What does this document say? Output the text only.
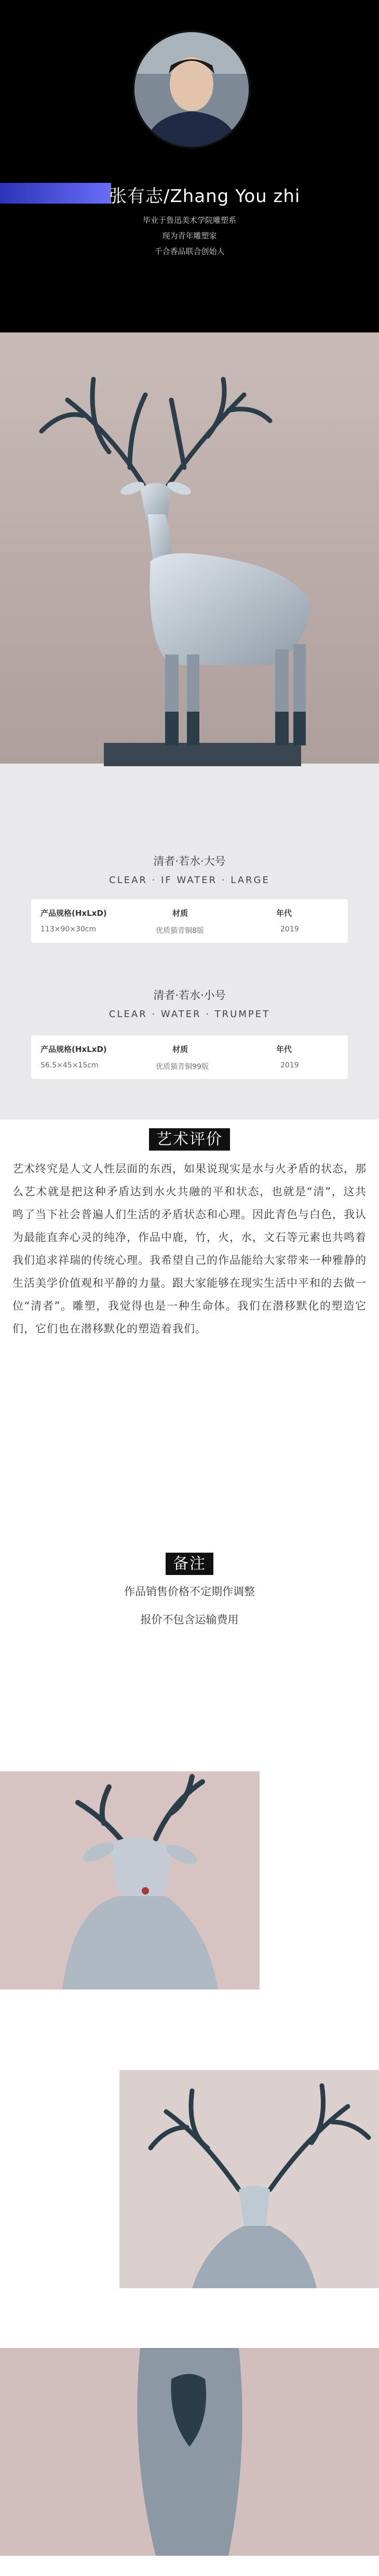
张有志/Zhang You zhi
毕业于鲁迅美术学院雕塑系
现为青年雕塑家
千合香品联合创始人
清者·若水·大号
CLEAR · IF WATER · LARGE
产品规格(HxLxD)	材质	年代
113×90×30cm	优质猫青铜8版	2019
清者·若水·小号
CLEAR · WATER · TRUMPET
产品规格(HxLxD)	材质	年代
56.5×45×15cm	优质猫青铜99版	2019
艺术评价
艺术终究是人文人性层面的东西，如果说现实是水与火矛盾的状态，那么艺术就是把这种矛盾达到水火共融的平和状态，也就是“清”，这共鸣了当下社会普遍人们生活的矛盾状态和心理。因此青色与白色，我认为最能直奔心灵的纯净，作品中鹿，竹，火，水，文石等元素也共鸣着我们追求祥瑞的传统心理。我希望自己的作品能给大家带来一种雅静的生活美学价值观和平静的力量。跟大家能够在现实生活中平和的去做一位“清者”。雕塑，我觉得也是一种生命体。我们在潜移默化的塑造它们，它们也在潜移默化的塑造着我们。
备注
作品销售价格不定期作调整
报价不包含运输费用
